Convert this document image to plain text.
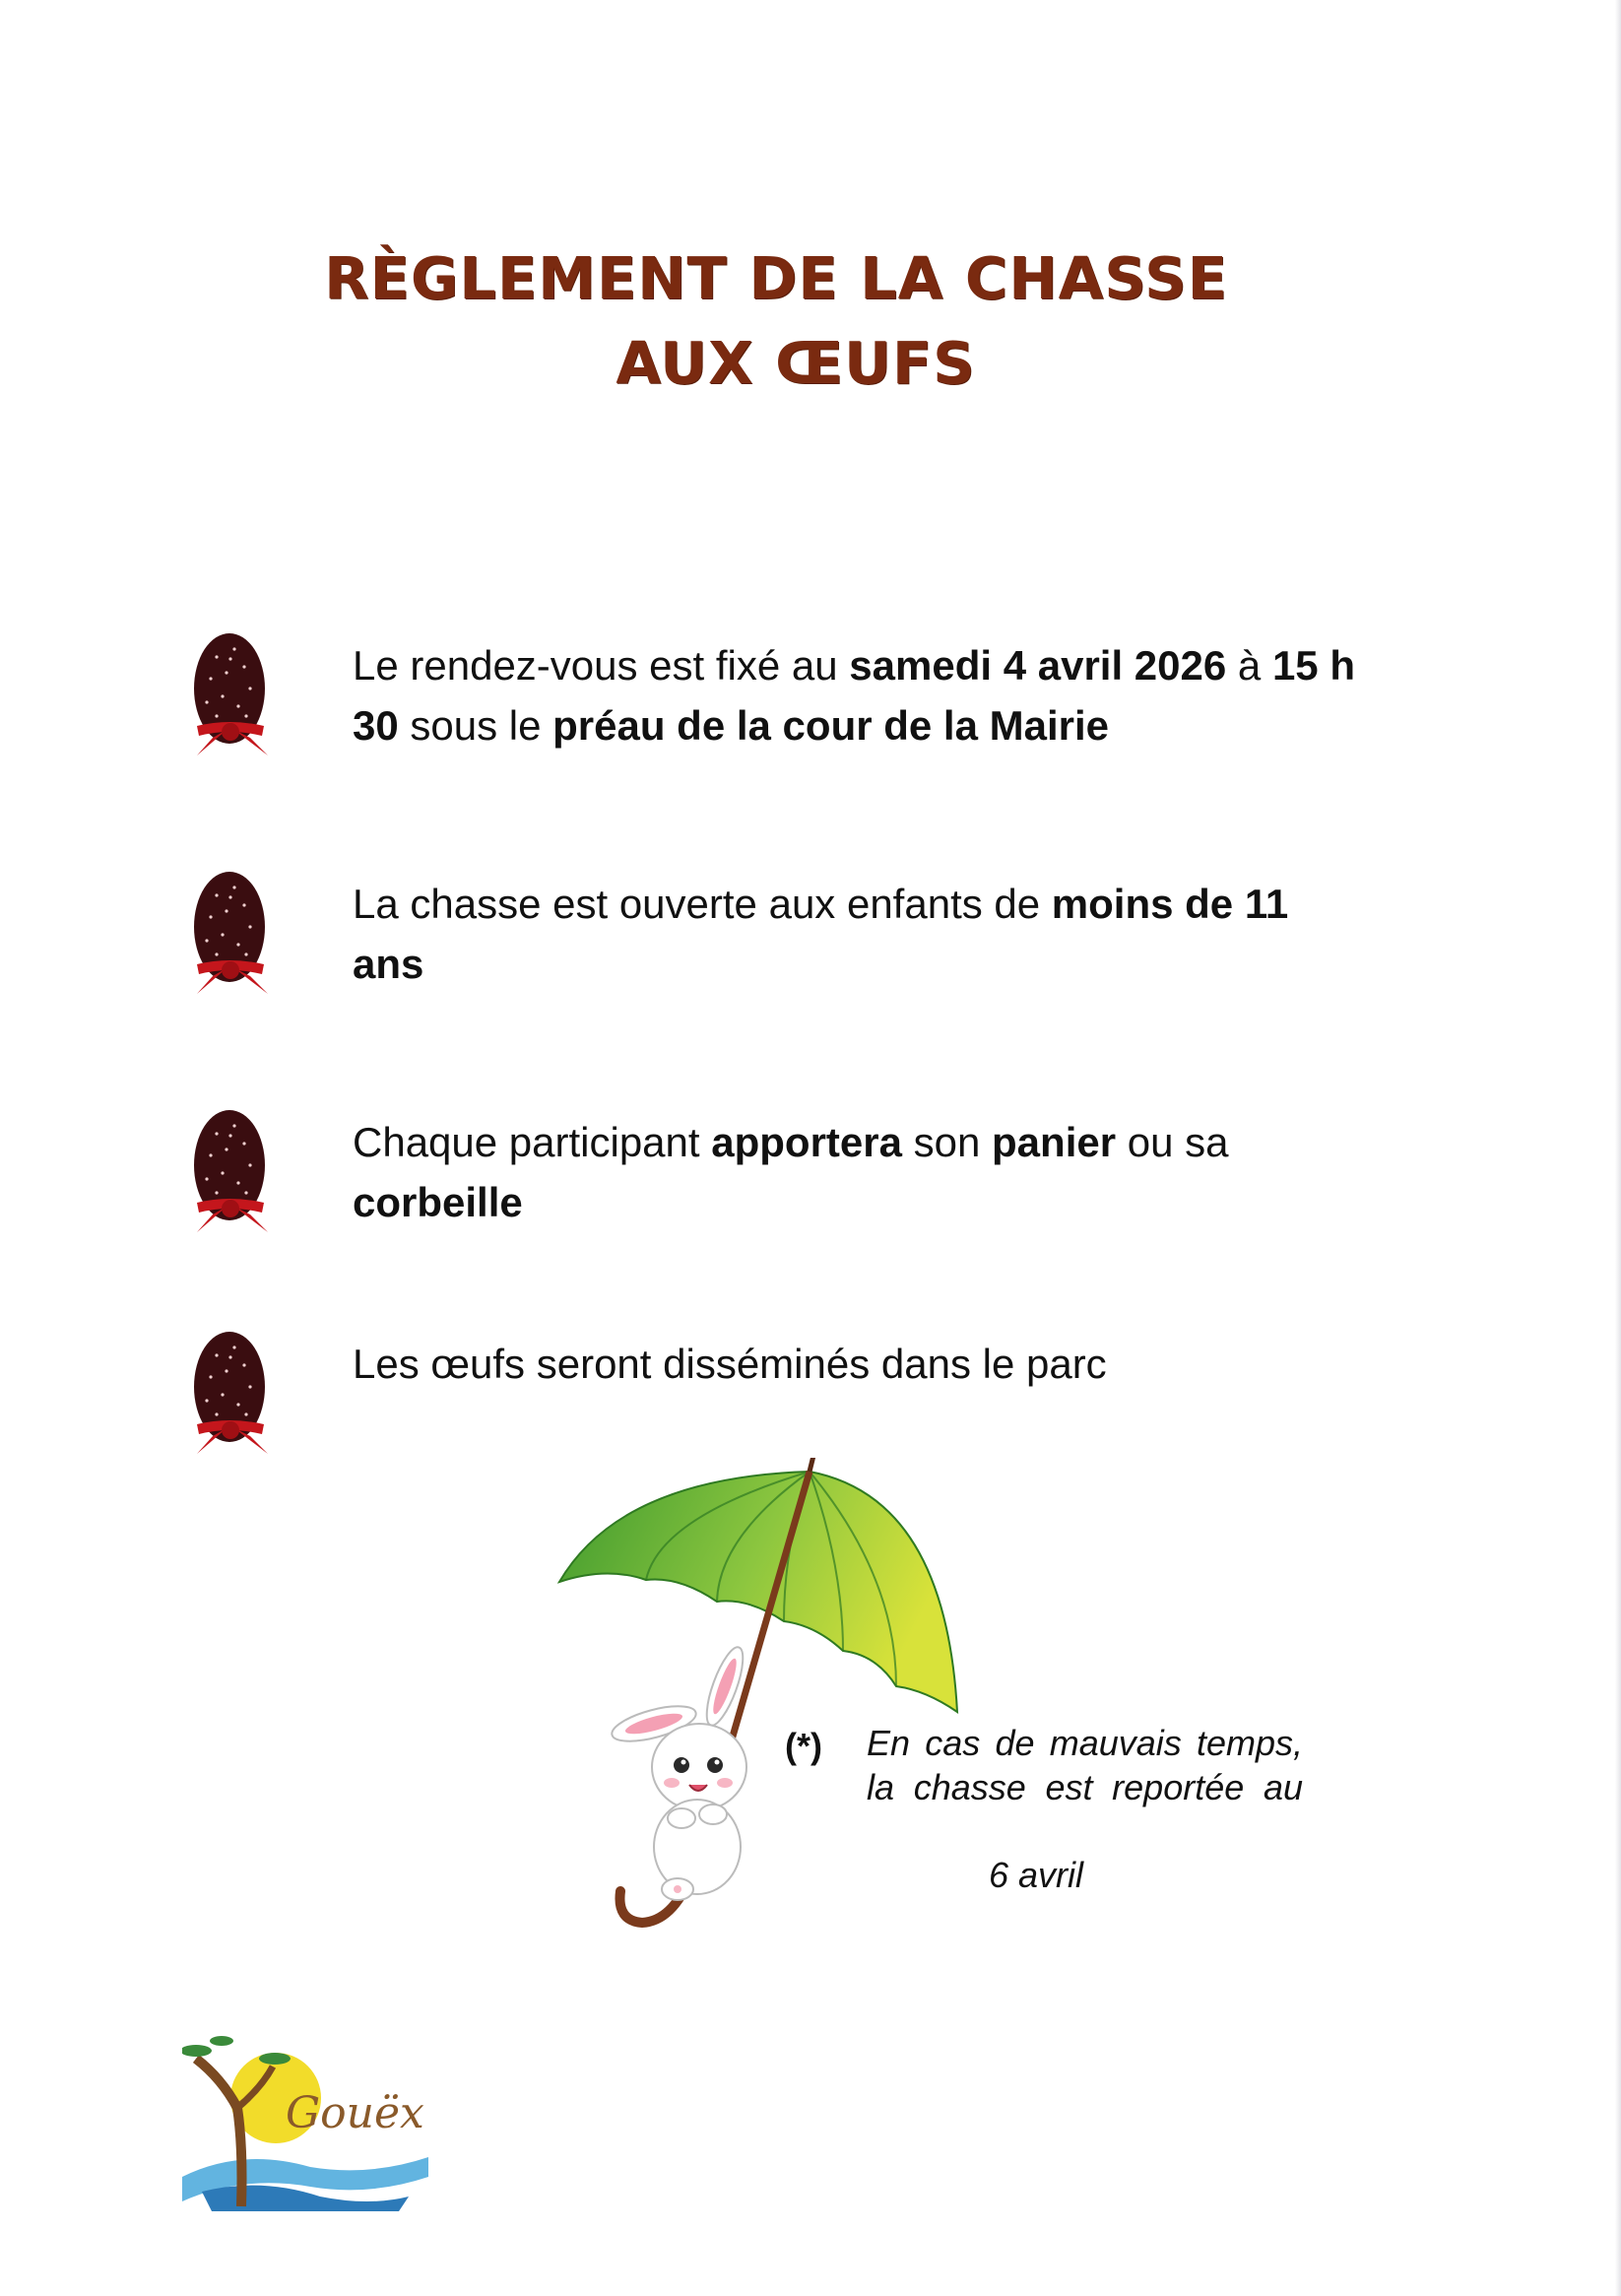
RÈGLEMENT DE LA CHASSE
AUX ŒUFS
Le rendez-vous est fixé au samedi 4 avril 2026 à 15 h 30 sous le préau de la cour de la Mairie
La chasse est ouverte aux enfants de moins de 11 ans
Chaque participant apportera son panier ou sa corbeille
Les œufs seront disséminés dans le parc
(*) En cas de mauvais temps, la chasse est reportée au
6 avril
Gouëx
